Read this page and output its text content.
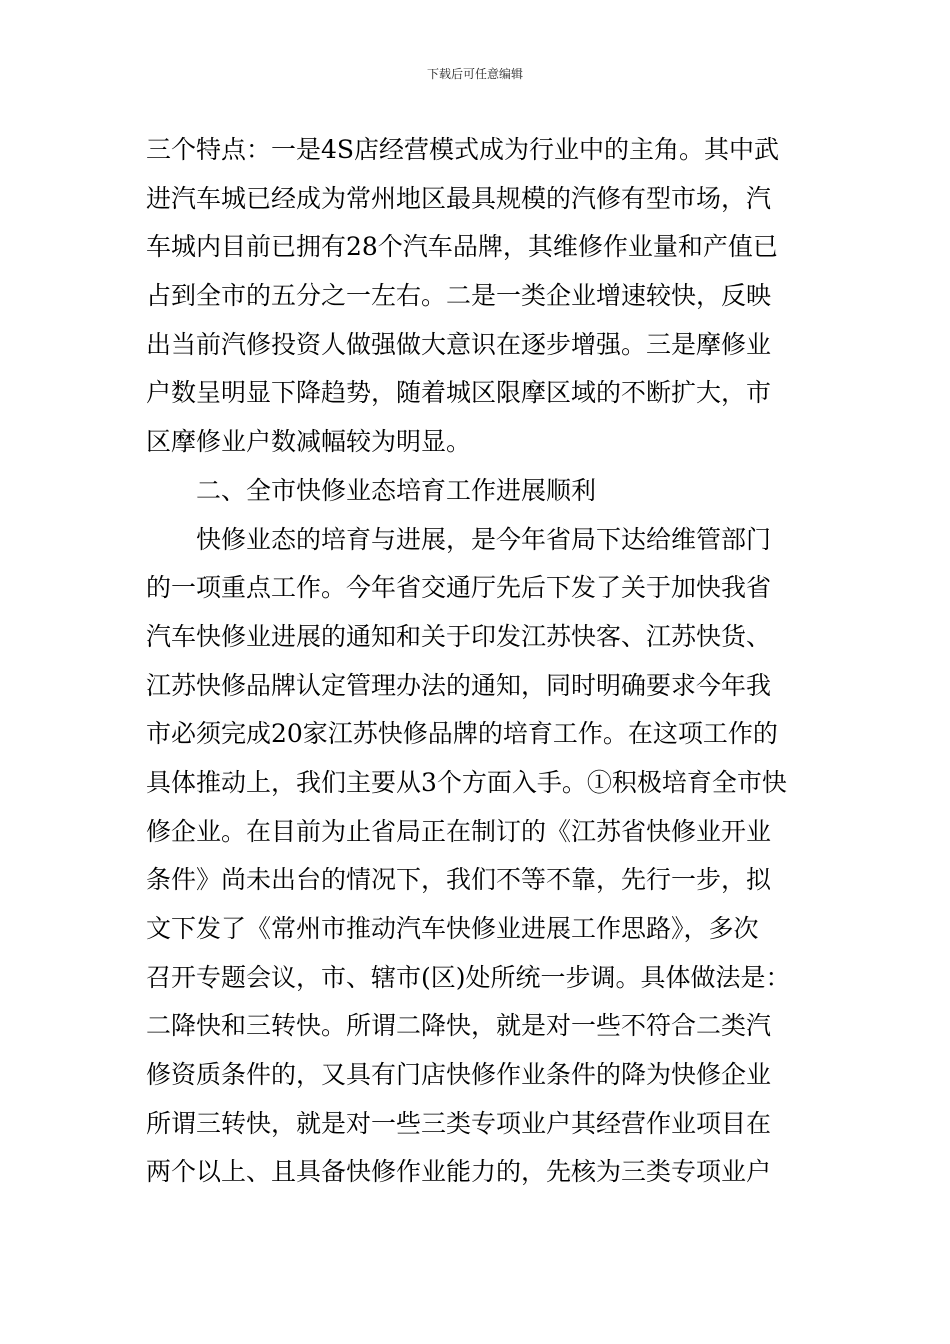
下载后可任意编辑
三个特点：一是4S店经营模式成为行业中的主角。其中武
进汽车城已经成为常州地区最具规模的汽修有型市场，汽
车城内目前已拥有28个汽车品牌，其维修作业量和产值已
占到全市的五分之一左右。二是一类企业增速较快，反映
出当前汽修投资人做强做大意识在逐步增强。三是摩修业
户数呈明显下降趋势，随着城区限摩区域的不断扩大，市
区摩修业户数减幅较为明显。
二、全市快修业态培育工作进展顺利
快修业态的培育与进展，是今年省局下达给维管部门
的一项重点工作。今年省交通厅先后下发了关于加快我省
汽车快修业进展的通知和关于印发江苏快客、江苏快货、
江苏快修品牌认定管理办法的通知，同时明确要求今年我
市必须完成20家江苏快修品牌的培育工作。在这项工作的
具体推动上，我们主要从3个方面入手。①积极培育全市快
修企业。在目前为止省局正在制订的《江苏省快修业开业
条件》尚未出台的情况下，我们不等不靠，先行一步，拟
文下发了《常州市推动汽车快修业进展工作思路》，多次
召开专题会议，市、辖市(区)处所统一步调。具体做法是：
二降快和三转快。所谓二降快，就是对一些不符合二类汽
修资质条件的，又具有门店快修作业条件的降为快修企业
所谓三转快，就是对一些三类专项业户其经营作业项目在
两个以上、且具备快修作业能力的，先核为三类专项业户
